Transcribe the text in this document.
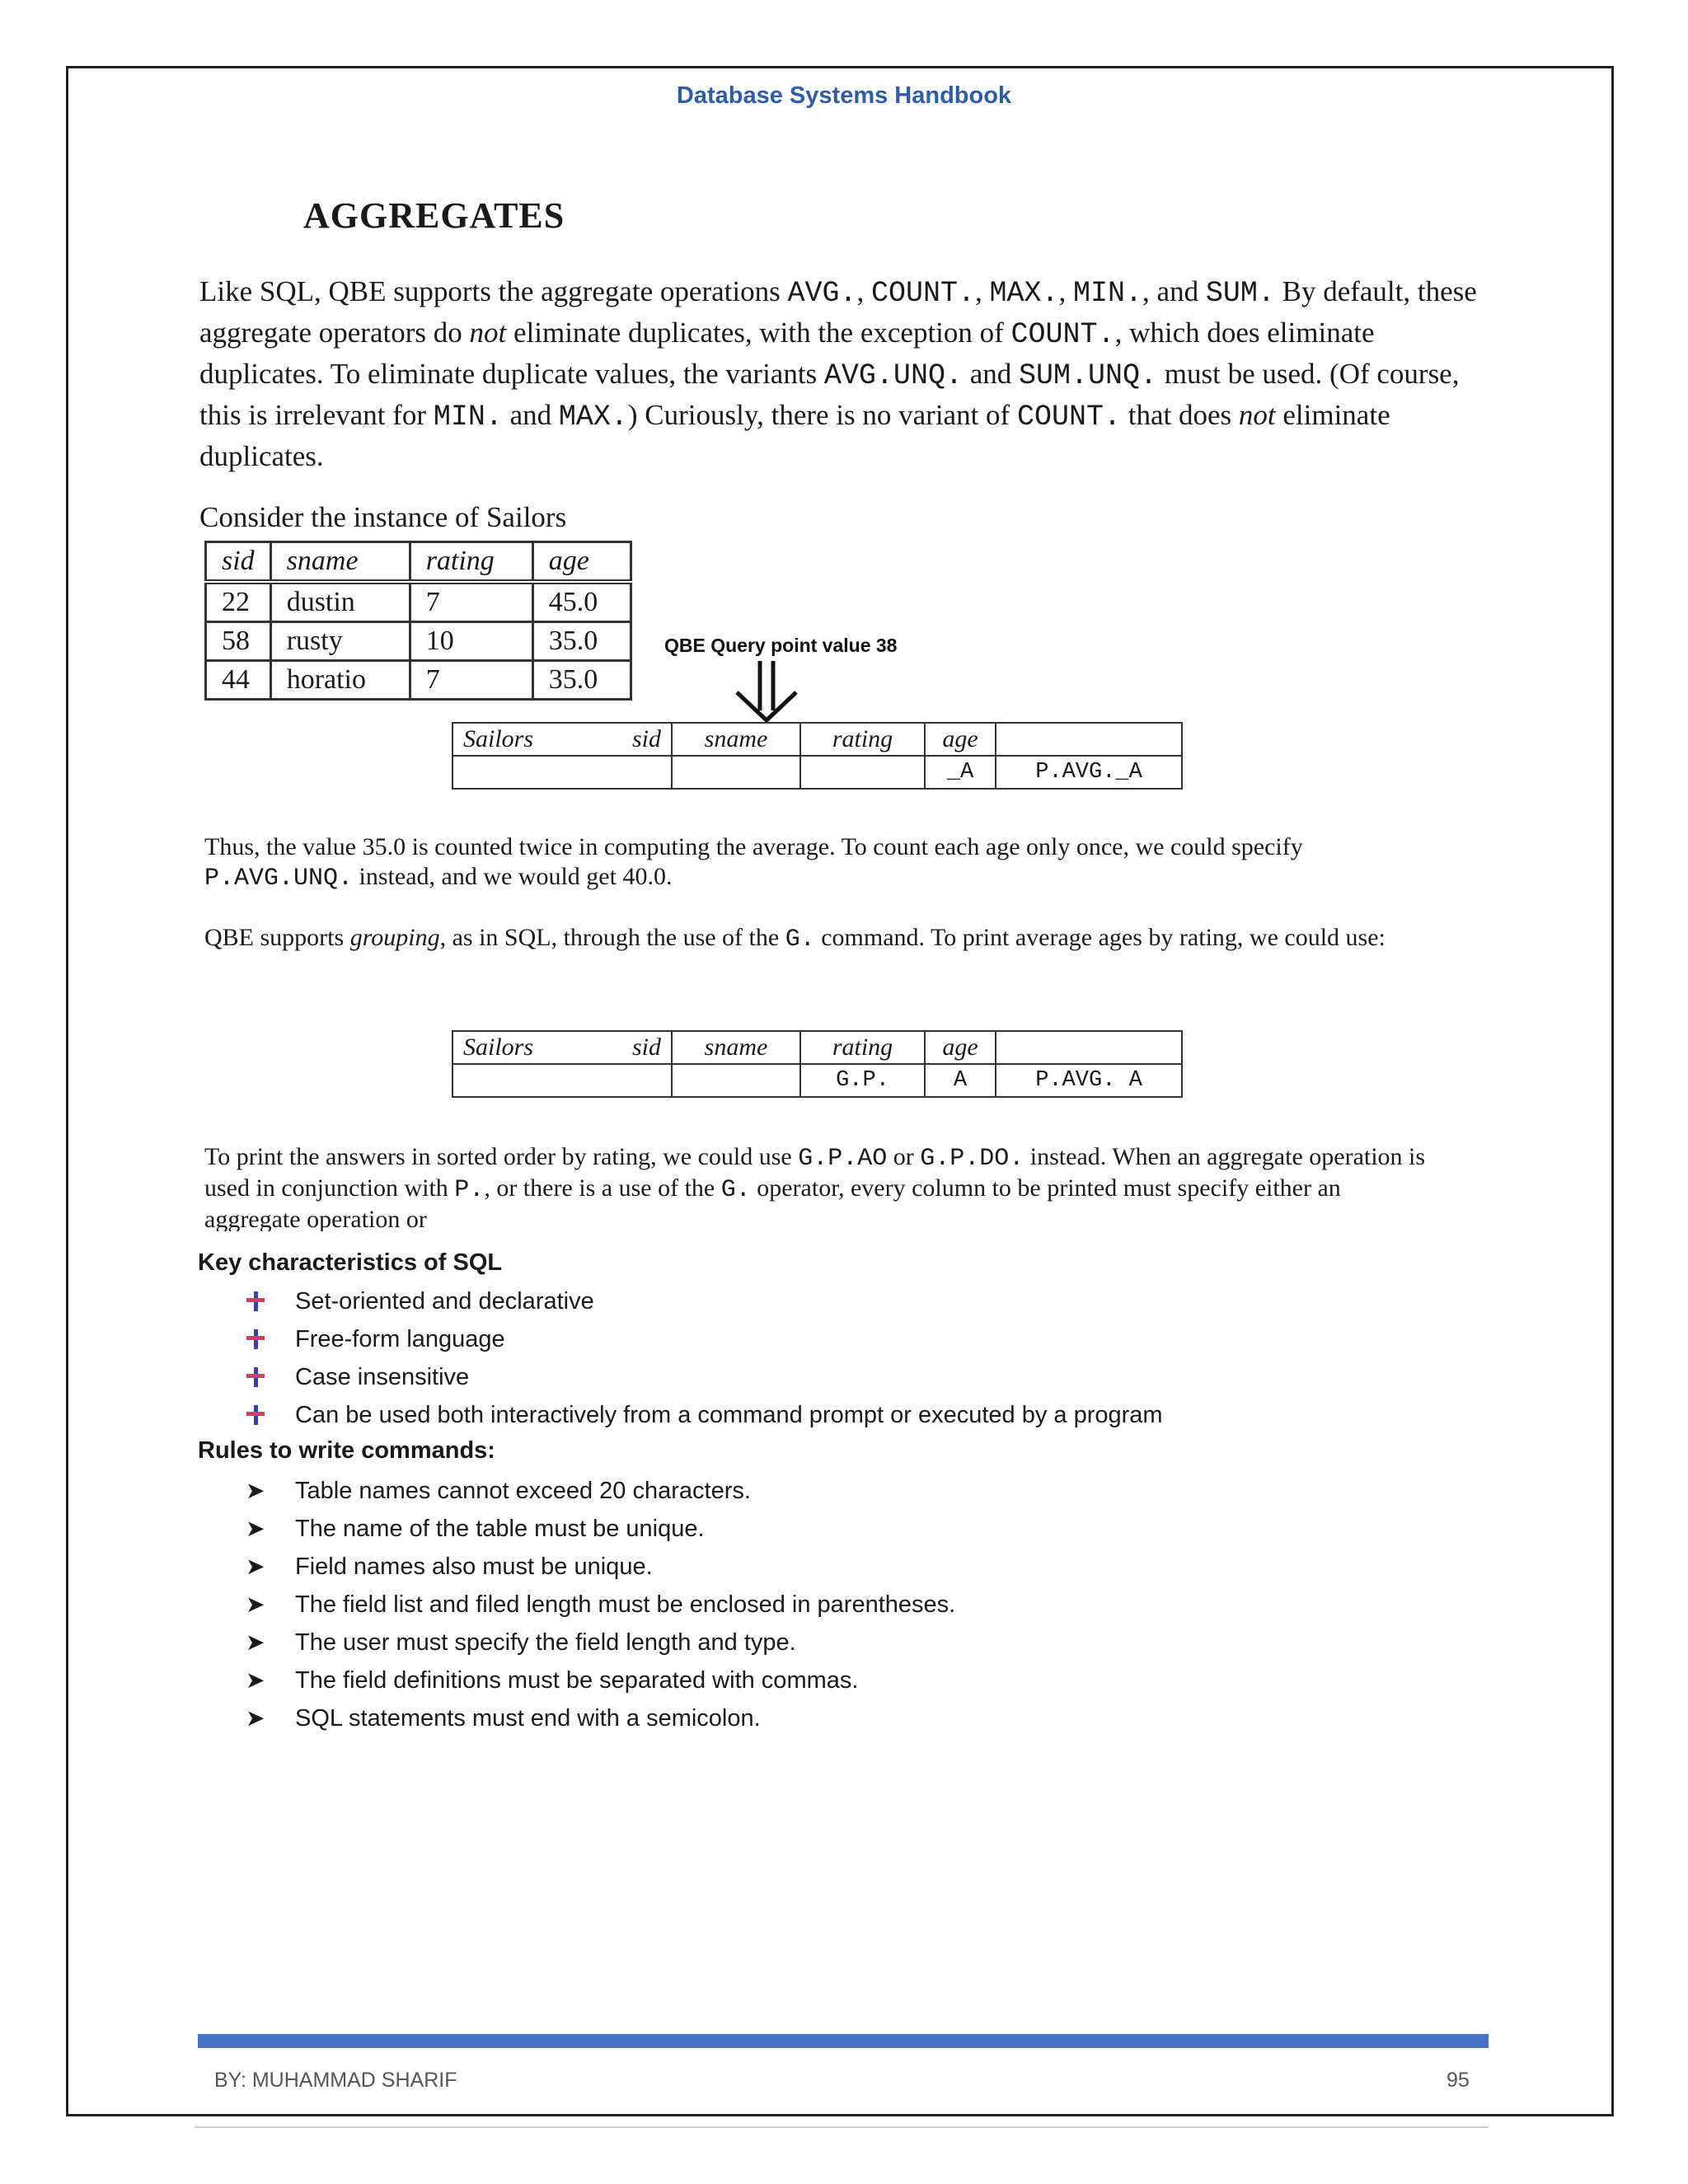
Database Systems Handbook
AGGREGATES
Like SQL, QBE supports the aggregate operations AVG., COUNT., MAX., MIN., and SUM. By default, these aggregate operators do not eliminate duplicates, with the exception of COUNT., which does eliminate duplicates. To eliminate duplicate values, the variants AVG.UNQ. and SUM.UNQ. must be used. (Of course, this is irrelevant for MIN. and MAX.) Curiously, there is no variant of COUNT. that does not eliminate duplicates.
Consider the instance of Sailors
sid	sname	rating	age
22	dustin	7	45.0
58	rusty	10	35.0
44	horatio	7	35.0
QBE Query point value 38
Sailors sid	sname	rating	age	
			_A	P.AVG._A
Thus, the value 35.0 is counted twice in computing the average. To count each age only once, we could specify P.AVG.UNQ. instead, and we would get 40.0.
QBE supports grouping, as in SQL, through the use of the G. command. To print average ages by rating, we could use:
Sailors sid	sname	rating	age	
		G.P.	A	P.AVG. A
To print the answers in sorted order by rating, we could use G.P.AO or G.P.DO. instead. When an aggregate operation is used in conjunction with P., or there is a use of the G. operator, every column to be printed must specify either an aggregate operation or
Key characteristics of SQL
Set-oriented and declarative
Free-form language
Case insensitive
Can be used both interactively from a command prompt or executed by a program
Rules to write commands:
➤ Table names cannot exceed 20 characters.
➤ The name of the table must be unique.
➤ Field names also must be unique.
➤ The field list and filed length must be enclosed in parentheses.
➤ The user must specify the field length and type.
➤ The field definitions must be separated with commas.
➤ SQL statements must end with a semicolon.
BY: MUHAMMAD SHARIF	95
